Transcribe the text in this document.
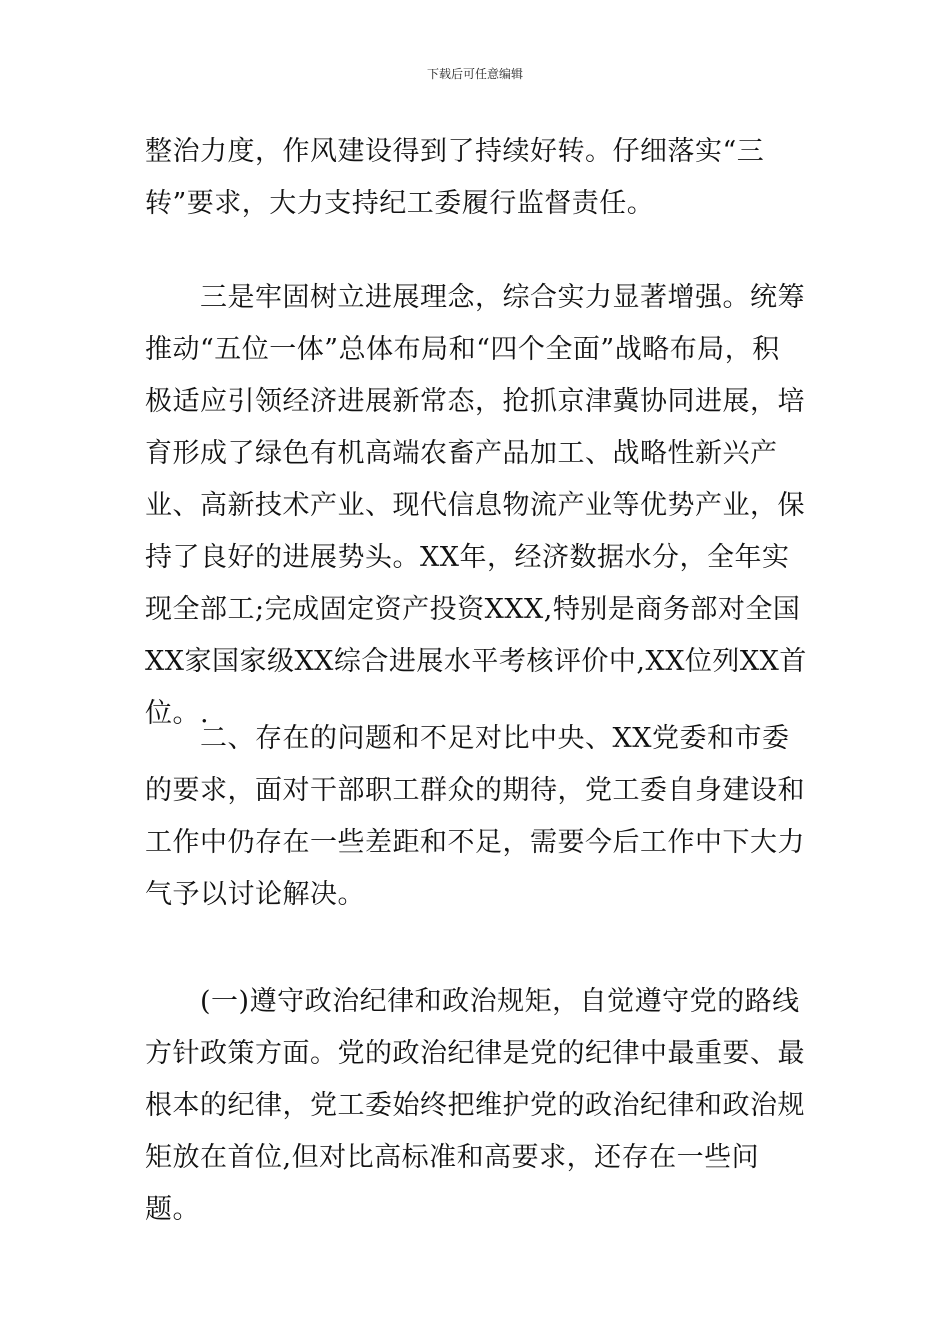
下载后可任意编辑
整治力度，作风建设得到了持续好转。仔细落实“三转”要求，大力支持纪工委履行监督责任。
　　三是牢固树立进展理念，综合实力显著增强。统筹推动“五位一体”总体布局和“四个全面”战略布局，积极适应引领经济进展新常态，抢抓京津冀协同进展，培育形成了绿色有机高端农畜产品加工、战略性新兴产业、高新技术产业、现代信息物流产业等优势产业，保持了良好的进展势头。XX年，经济数据水分，全年实现全部工;完成固定资产投资XXX,特别是商务部对全国XX家国家级XX综合进展水平考核评价中,XX位列XX首位。.
　　二、存在的问题和不足对比中央、XX党委和市委的要求，面对干部职工群众的期待，党工委自身建设和工作中仍存在一些差距和不足，需要今后工作中下大力气予以讨论解决。
　　(一)遵守政治纪律和政治规矩，自觉遵守党的路线方针政策方面。党的政治纪律是党的纪律中最重要、最根本的纪律，党工委始终把维护党的政治纪律和政治规矩放在首位,但对比高标准和高要求，还存在一些问题。
